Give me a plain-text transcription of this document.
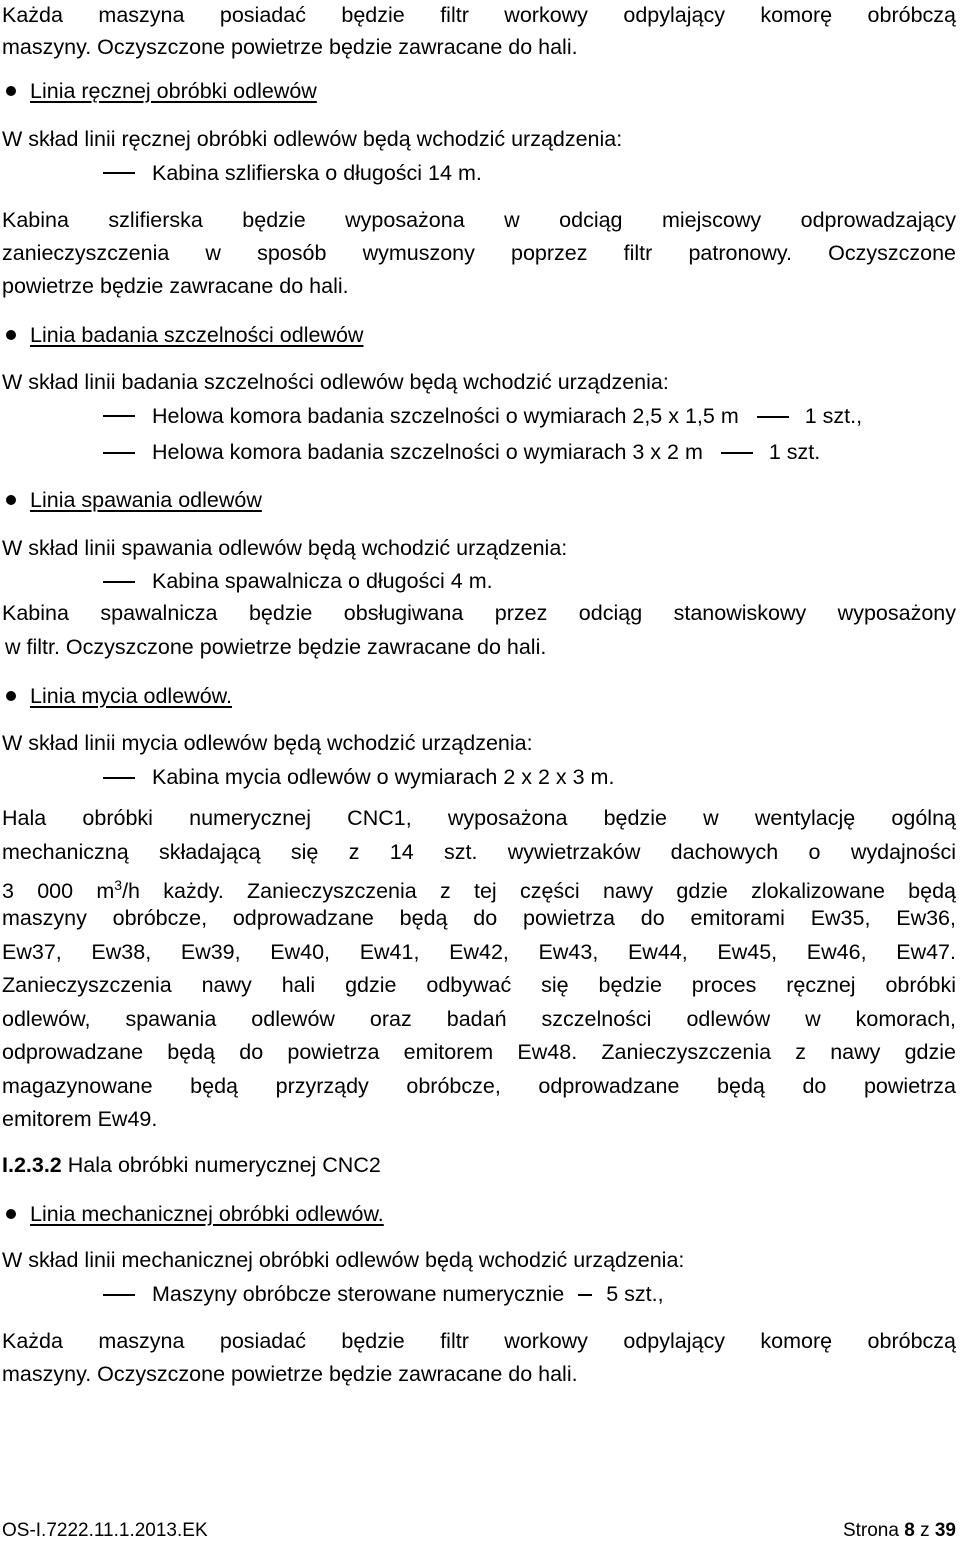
Każda maszyna posiadać będzie filtr workowy odpylający komorę obróbczą
maszyny. Oczyszczone powietrze będzie zawracane do hali.
Linia ręcznej obróbki odlewów
W skład linii ręcznej obróbki odlewów będą wchodzić urządzenia:
Kabina szlifierska o długości 14 m.
Kabina szlifierska będzie wyposażona w odciąg miejscowy odprowadzający
zanieczyszczenia w sposób wymuszony poprzez filtr patronowy. Oczyszczone
powietrze będzie zawracane do hali.
Linia badania szczelności odlewów
W skład linii badania szczelności odlewów będą wchodzić urządzenia:
Helowa komora badania szczelności o wymiarach 2,5 x 1,5 m	1 szt.,
Helowa komora badania szczelności o wymiarach 3 x 2 m	1 szt.
Linia spawania odlewów
W skład linii spawania odlewów będą wchodzić urządzenia:
Kabina spawalnicza o długości 4 m.
Kabina spawalnicza będzie obsługiwana przez odciąg stanowiskowy wyposażony
w filtr. Oczyszczone powietrze będzie zawracane do hali.
Linia mycia odlewów.
W skład linii mycia odlewów będą wchodzić urządzenia:
Kabina mycia odlewów o wymiarach 2 x 2 x 3 m.
Hala obróbki numerycznej CNC1, wyposażona będzie w wentylację ogólną
mechaniczną składającą się z 14 szt. wywietrzaków dachowych o wydajności
3 000 $m^3/h$ każdy. Zanieczyszczenia z tej części nawy gdzie zlokalizowane będą
maszyny obróbcze, odprowadzane będą do powietrza do emitorami Ew35, Ew36,
Ew37, Ew38, Ew39, Ew40, Ew41, Ew42, Ew43, Ew44, Ew45, Ew46, Ew47.
Zanieczyszczenia nawy hali gdzie odbywać się będzie proces ręcznej obróbki
odlewów, spawania odlewów oraz badań szczelności odlewów w komorach,
odprowadzane będą do powietrza emitorem Ew48. Zanieczyszczenia z nawy gdzie
magazynowane będą przyrządy obróbcze, odprowadzane będą do powietrza
emitorem Ew49.
I.2.3.2 Hala obróbki numerycznej CNC2
Linia mechanicznej obróbki odlewów.
W skład linii mechanicznej obróbki odlewów będą wchodzić urządzenia:
Maszyny obróbcze sterowane numerycznie 5 szt.,
Każda maszyna posiadać będzie filtr workowy odpylający komorę obróbczą
maszyny. Oczyszczone powietrze będzie zawracane do hali.
OS-I.7222.11.1.2013.EK	Strona 8 z 39
